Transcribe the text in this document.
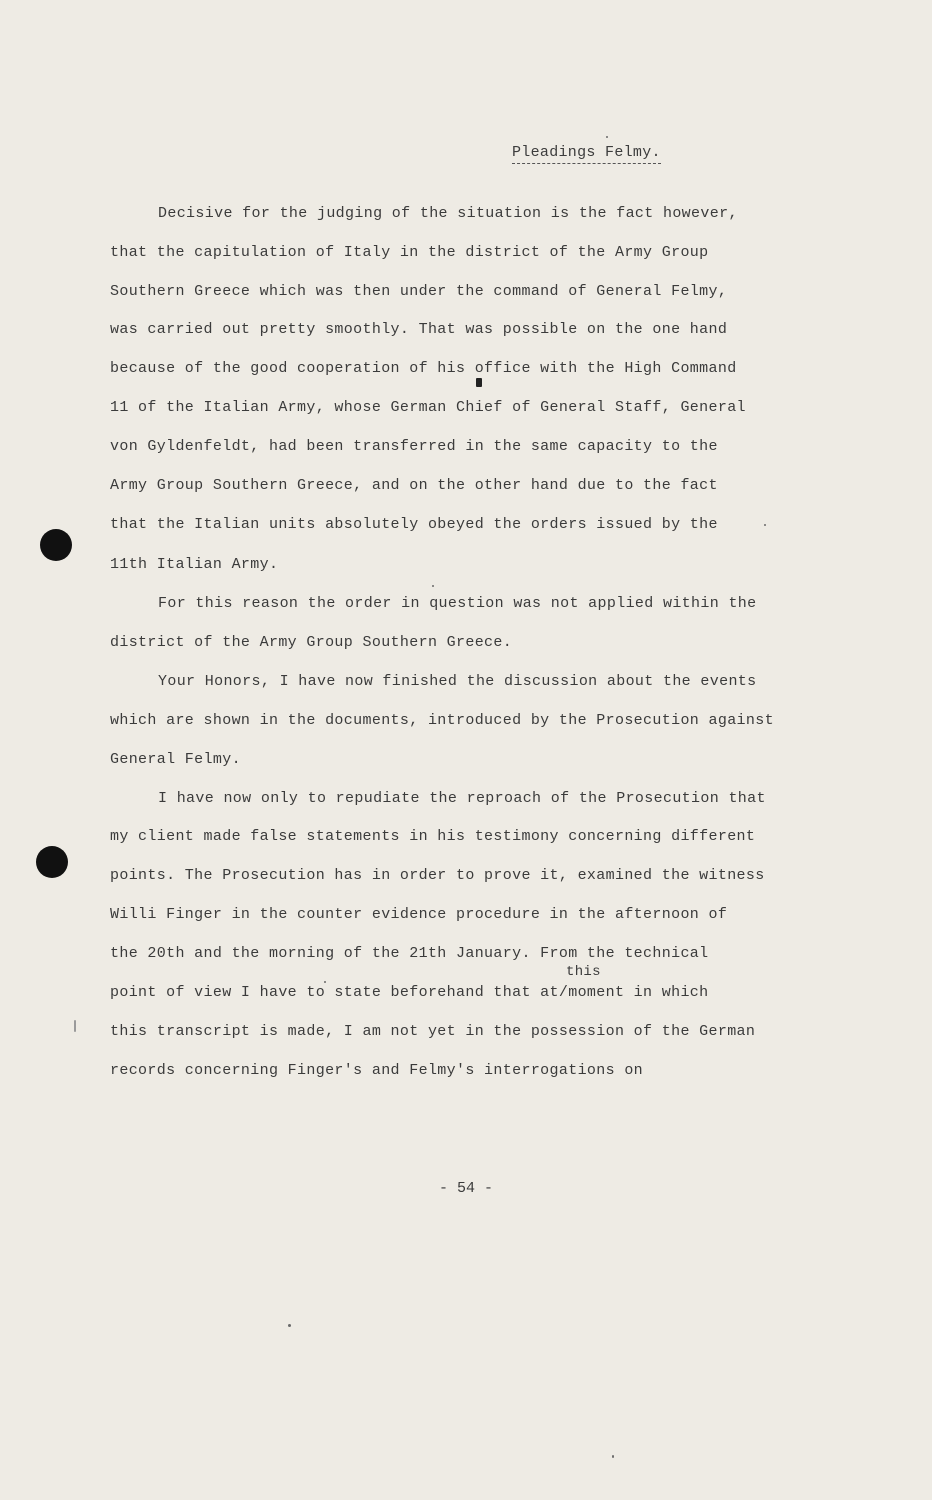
Pleadings Felmy.
Decisive for the judging of the situation is the fact however,
that the capitulation of Italy in the district of the Army Group
Southern Greece which was then under the command of General Felmy,
was carried out pretty smoothly. That was possible on the one hand
because of the good cooperation of his office with the High Command
11 of the Italian Army, whose German Chief of General Staff, General
von Gyldenfeldt, had been transferred in the same capacity to the
Army Group Southern Greece, and on the other hand due to the fact
that the Italian units absolutely obeyed the orders issued by the
11th Italian Army.
For this reason the order in question was not applied within the
district of the Army Group Southern Greece.
Your Honors, I have now finished the discussion about the events
which are shown in the documents, introduced by the Prosecution against
General Felmy.
I have now only to repudiate the reproach of the Prosecution that
my client made false statements in his testimony concerning different
points. The Prosecution has in order to prove it, examined the witness
Willi Finger in the counter evidence procedure in the afternoon of
the 20th and the morning of the 21th January. From the technical
this
point of view I have to state beforehand that at/moment in which
this transcript is made, I am not yet in the possession of the German
records concerning Finger's and Felmy's interrogations on
- 54 -
